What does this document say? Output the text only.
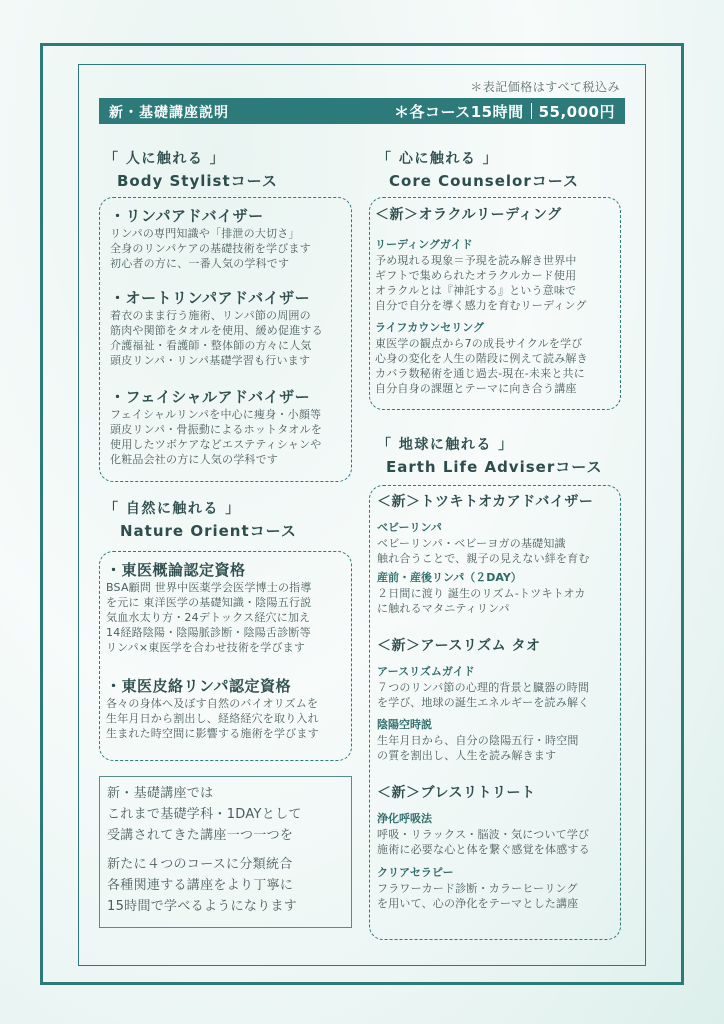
＊表記価格はすべて税込み
新・基礎講座説明	＊各コース15時間 55,000円
「 人に触れる 」
Body Stylistコース
・リンパアドバイザー
リンパの専門知識や「排泄の大切さ」
全身のリンパケアの基礎技術を学びます
初心者の方に、一番人気の学科です
・オートリンパアドバイザー
着衣のまま行う施術、リンパ節の周囲の
筋肉や関節をタオルを使用、緩め促進する
介護福祉・看護師・整体師の方々に人気
頭皮リンパ・リンパ基礎学習も行います
・フェイシャルアドバイザー
フェイシャルリンパを中心に痩身・小顔等
頭皮リンパ・骨振動によるホットタオルを
使用したツボケアなどエステティシャンや
化粧品会社の方に人気の学科です
「 自然に触れる 」
Nature Orientコース
・東医概論認定資格
BSA顧問 世界中医薬学会医学博士の指導
を元に 東洋医学の基礎知識・陰陽五行説
気血水太り方・24デトックス経穴に加え
14経路陰陽・陰陽脈診断・陰陽舌診断等
リンパ×東医学を合わせ技術を学びます
・東医皮絡リンパ認定資格
各々の身体へ及ぼす自然のバイオリズムを
生年月日から割出し、経絡経穴を取り入れ
生まれた時空間に影響する施術を学びます
新・基礎講座では
これまで基礎学科・1DAYとして
受講されてきた講座一つ一つを
新たに４つのコースに分類統合
各種関連する講座をより丁寧に
15時間で学べるようになります
「 心に触れる 」
Core Counselorコース
＜新＞オラクルリーディング
リーディングガイド
予め現れる現象＝予現を読み解き世界中
ギフトで集められたオラクルカード使用
オラクルとは『神託する』という意味で
自分で自分を導く感力を育むリーディング
ライフカウンセリング
東医学の観点から7の成長サイクルを学び
心身の変化を人生の階段に例えて読み解き
カバラ数秘術を通じ過去-現在-未来と共に
自分自身の課題とテーマに向き合う講座
「 地球に触れる 」
Earth Life Adviserコース
＜新＞トツキトオカアドバイザー
ベビーリンパ
ベビーリンパ・ベビーヨガの基礎知識
触れ合うことで、親子の見えない絆を育む
産前・産後リンパ（２DAY）
２日間に渡り 誕生のリズム-トツキトオカ
に触れるマタニティリンパ
＜新＞アースリズム タオ
アースリズムガイド
７つのリンパ節の心理的背景と臓器の時間
を学び、地球の誕生エネルギーを読み解く
陰陽空時説
生年月日から、自分の陰陽五行・時空間
の質を割出し、人生を読み解きます
＜新＞ブレスリトリート
浄化呼吸法
呼吸・リラックス・脳波・気について学び
施術に必要な心と体を繋ぐ感覚を体感する
クリアセラピー
フラワーカード診断・カラーヒーリング
を用いて、心の浄化をテーマとした講座
